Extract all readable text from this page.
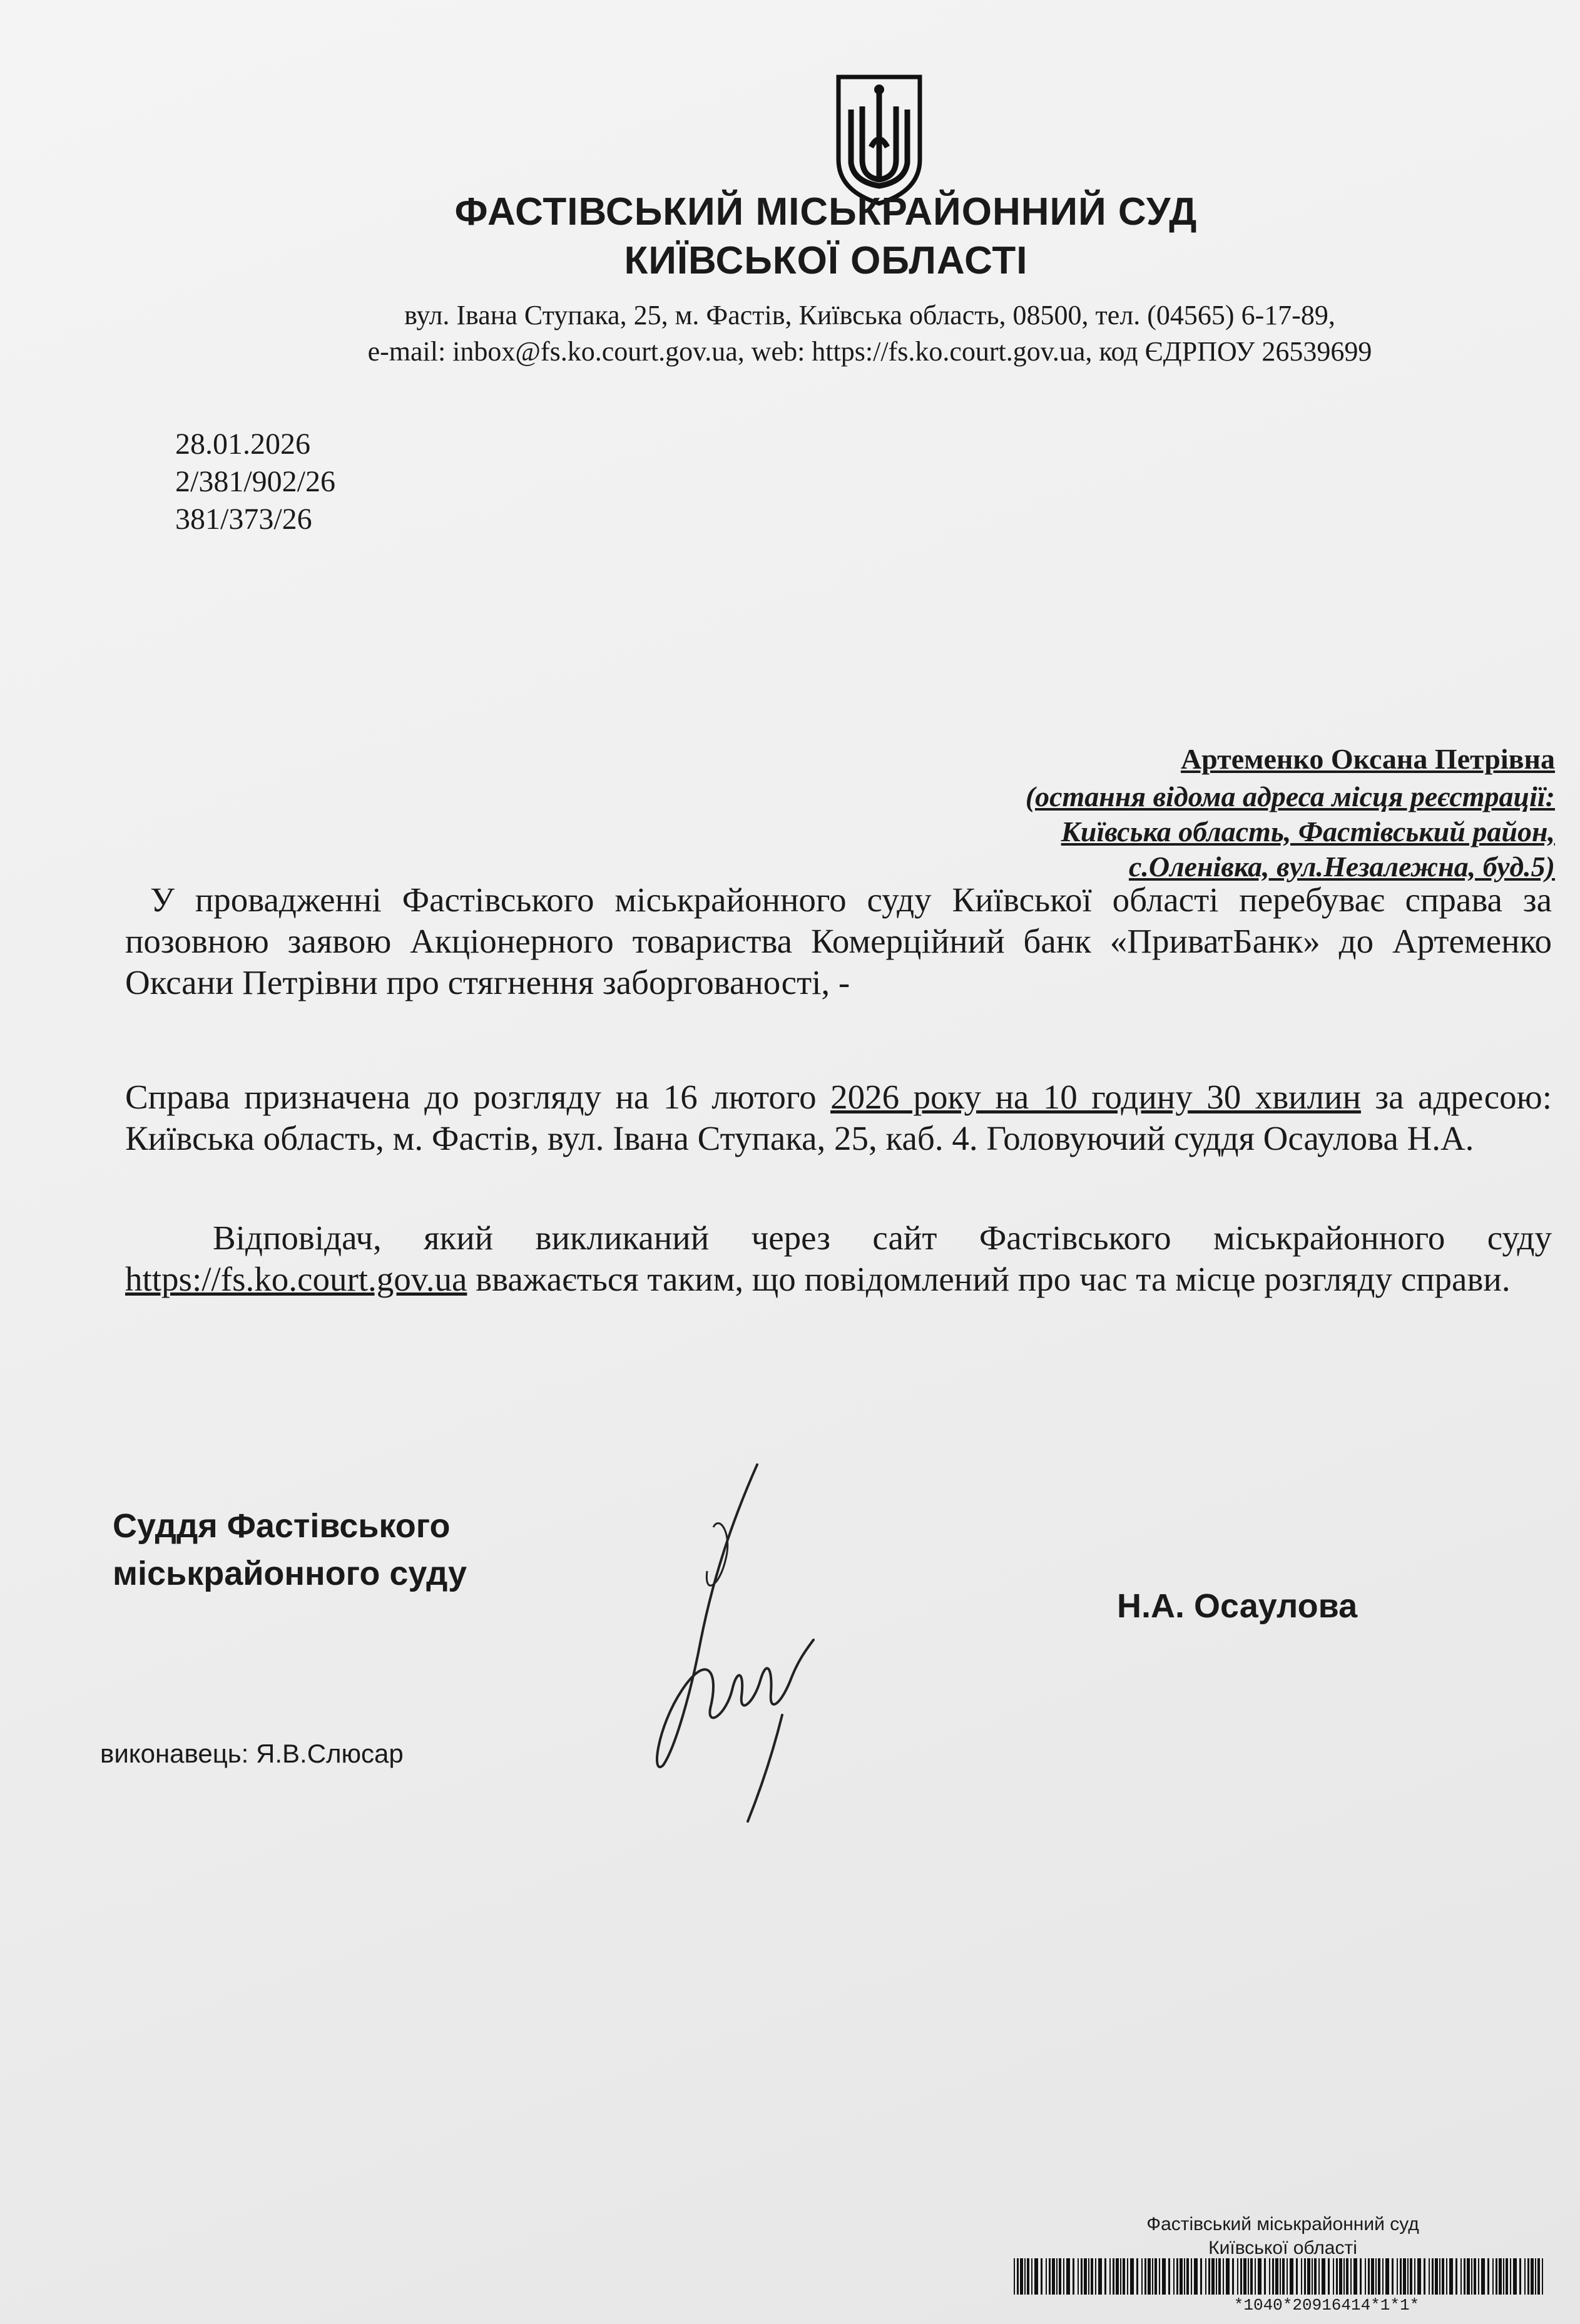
ФАСТІВСЬКИЙ МІСЬКРАЙОННИЙ СУД
КИЇВСЬКОЇ ОБЛАСТІ
вул. Івана Ступака, 25, м. Фастів, Київська область, 08500, тел. (04565) 6-17-89,
e-mail: inbox@fs.ko.court.gov.ua, web: https://fs.ko.court.gov.ua, код ЄДРПОУ 26539699
28.01.2026
2/381/902/26
381/373/26
Артеменко Оксана Петрівна
(остання відома адреса місця реєстрації:
Київська область, Фастівський район,
с.Оленівка, вул.Незалежна, буд.5)
У провадженні Фастівського міськрайонного суду Київської області перебуває справа за позовною заявою Акціонерного товариства Комерційний банк «ПриватБанк» до Артеменко Оксани Петрівни про стягнення заборгованості, -
Справа призначена до розгляду на 16 лютого 2026 року на 10 годину 30 хвилин за адресою: Київська область, м. Фастів, вул. Івана Ступака, 25, каб. 4. Головуючий суддя Осаулова Н.А.
Відповідач, який викликаний через сайт Фастівського міськрайонного суду https://fs.ko.court.gov.ua вважається таким, що повідомлений про час та місце розгляду справи.
Суддя Фастівського
міськрайонного суду
Н.А. Осаулова
виконавець: Я.В.Слюсар
Фастівський міськрайонний суд
Київської області
*1040*20916414*1*1*
